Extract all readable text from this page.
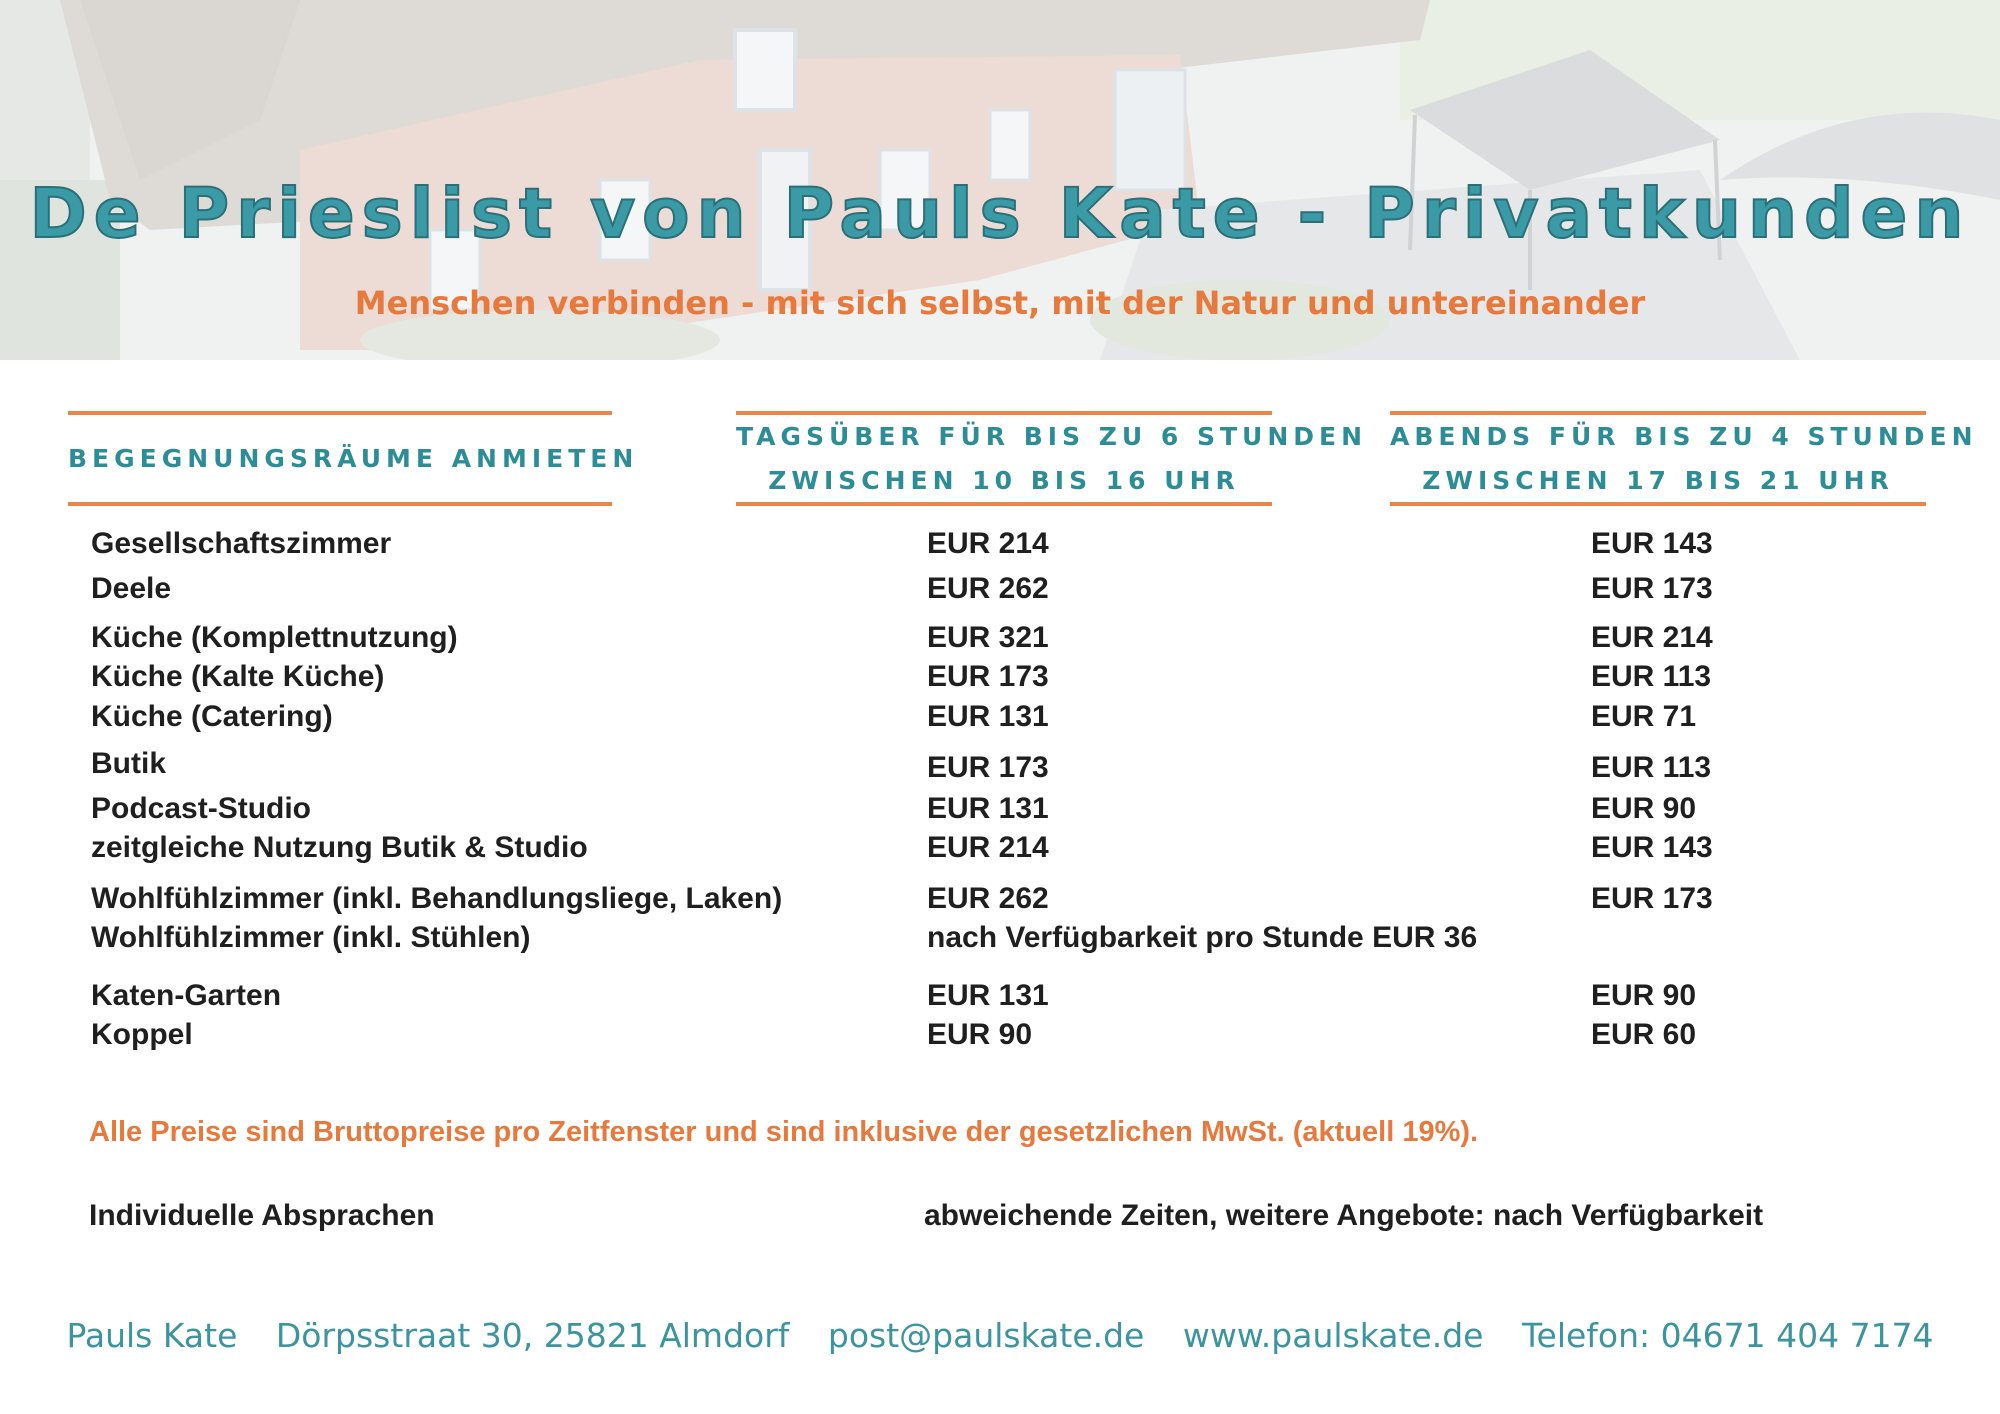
De Prieslist von Pauls Kate - Privatkunden

Menschen verbinden - mit sich selbst, mit der Natur und untereinander

BEGEGNUNGSRÄUME ANMIETEN
TAGSÜBER FÜR BIS ZU 6 STUNDEN
ZWISCHEN 10 BIS 16 UHR
ABENDS FÜR BIS ZU 4 STUNDEN
ZWISCHEN 17 BIS 21 UHR
Gesellschaftszimmer	EUR 214	EUR 143
Deele	EUR 262	EUR 173
Küche (Komplettnutzung)	EUR 321	EUR 214
Küche (Kalte Küche)	EUR 173	EUR 113
Küche (Catering)	EUR 131	EUR 71
Butik	EUR 173	EUR 113
Podcast-Studio	EUR 131	EUR 90
zeitgleiche Nutzung Butik & Studio	EUR 214	EUR 143
Wohlfühlzimmer (inkl. Behandlungsliege, Laken)	EUR 262	EUR 173
Wohlfühlzimmer (inkl. Stühlen)	nach Verfügbarkeit pro Stunde EUR 36
Katen-Garten	EUR 131	EUR 90
Koppel	EUR 90	EUR 60
Alle Preise sind Bruttopreise pro Zeitfenster und sind inklusive der gesetzlichen MwSt. (aktuell 19%).
Individuelle Absprachen	abweichende Zeiten, weitere Angebote: nach Verfügbarkeit
Pauls Kate Dörpsstraat 30, 25821 Almdorf post@paulskate.de www.paulskate.de Telefon: 04671 404 7174
